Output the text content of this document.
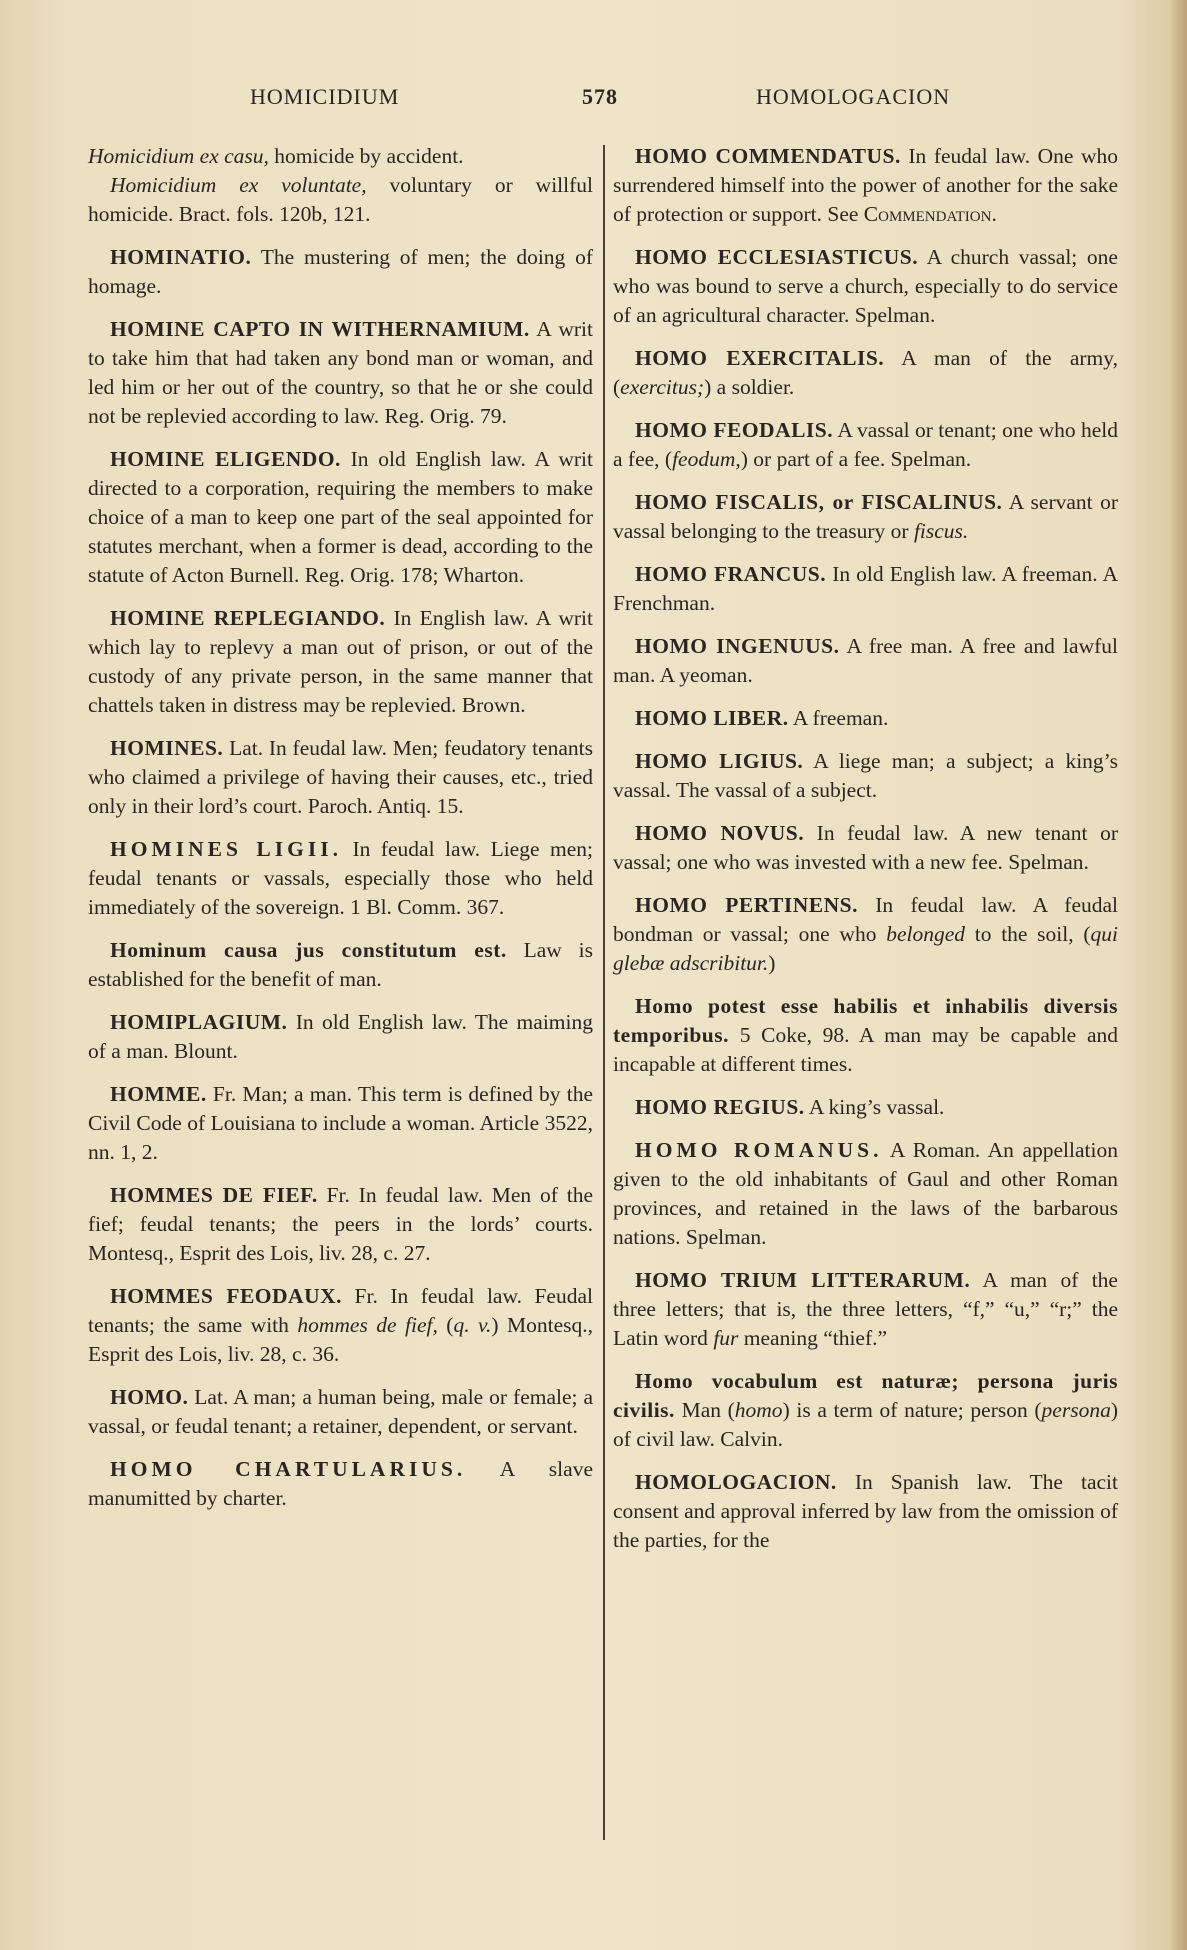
HOMICIDIUM	578	HOMOLOGACION

Homicidium ex casu, homicide by accident.

Homicidium ex voluntate, voluntary or willful homicide. Bract. fols. 120b, 121.

HOMINATIO. The mustering of men; the doing of homage.

HOMINE CAPTO IN WITHERNAMIUM. A writ to take him that had taken any bond man or woman, and led him or her out of the country, so that he or she could not be replevied according to law. Reg. Orig. 79.

HOMINE ELIGENDO. In old English law. A writ directed to a corporation, requiring the members to make choice of a man to keep one part of the seal appointed for statutes merchant, when a former is dead, according to the statute of Acton Burnell. Reg. Orig. 178; Wharton.

HOMINE REPLEGIANDO. In English law. A writ which lay to replevy a man out of prison, or out of the custody of any private person, in the same manner that chattels taken in distress may be replevied. Brown.

HOMINES. Lat. In feudal law. Men; feudatory tenants who claimed a privilege of having their causes, etc., tried only in their lord’s court. Paroch. Antiq. 15.

HOMINES LIGII. In feudal law. Liege men; feudal tenants or vassals, especially those who held immediately of the sovereign. 1 Bl. Comm. 367.

Hominum causa jus constitutum est. Law is established for the benefit of man.

HOMIPLAGIUM. In old English law. The maiming of a man. Blount.

HOMME. Fr. Man; a man. This term is defined by the Civil Code of Louisiana to include a woman. Article 3522, nn. 1, 2.

HOMMES DE FIEF. Fr. In feudal law. Men of the fief; feudal tenants; the peers in the lords’ courts. Montesq., Esprit des Lois, liv. 28, c. 27.

HOMMES FEODAUX. Fr. In feudal law. Feudal tenants; the same with hommes de fief, (q. v.) Montesq., Esprit des Lois, liv. 28, c. 36.

HOMO. Lat. A man; a human being, male or female; a vassal, or feudal tenant; a retainer, dependent, or servant.

HOMO CHARTULARIUS. A slave manumitted by charter.

HOMO COMMENDATUS. In feudal law. One who surrendered himself into the power of another for the sake of protection or support. See Commendation.

HOMO ECCLESIASTICUS. A church vassal; one who was bound to serve a church, especially to do service of an agricultural character. Spelman.

HOMO EXERCITALIS. A man of the army, (exercitus;) a soldier.

HOMO FEODALIS. A vassal or tenant; one who held a fee, (feodum,) or part of a fee. Spelman.

HOMO FISCALIS, or FISCALINUS. A servant or vassal belonging to the treasury or fiscus.

HOMO FRANCUS. In old English law. A freeman. A Frenchman.

HOMO INGENUUS. A free man. A free and lawful man. A yeoman.

HOMO LIBER. A freeman.

HOMO LIGIUS. A liege man; a subject; a king’s vassal. The vassal of a subject.

HOMO NOVUS. In feudal law. A new tenant or vassal; one who was invested with a new fee. Spelman.

HOMO PERTINENS. In feudal law. A feudal bondman or vassal; one who belonged to the soil, (qui glebæ adscribitur.)

Homo potest esse habilis et inhabilis diversis temporibus. 5 Coke, 98. A man may be capable and incapable at different times.

HOMO REGIUS. A king’s vassal.

HOMO ROMANUS. A Roman. An appellation given to the old inhabitants of Gaul and other Roman provinces, and retained in the laws of the barbarous nations. Spelman.

HOMO TRIUM LITTERARUM. A man of the three letters; that is, the three letters, “f,” “u,” “r;” the Latin word fur meaning “thief.”

Homo vocabulum est naturæ; persona juris civilis. Man (homo) is a term of nature; person (persona) of civil law. Calvin.

HOMOLOGACION. In Spanish law. The tacit consent and approval inferred by law from the omission of the parties, for the
